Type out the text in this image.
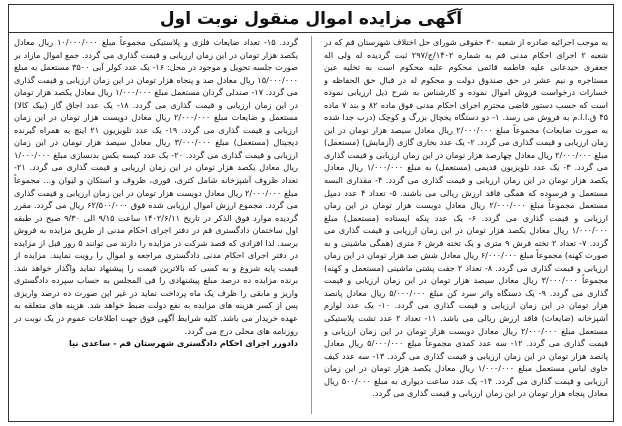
آگهی مزایده اموال منقول نوبت اول
به موجب اجرائیه صادره از شعبه ۳۰ حقوقی شورای حل اختلاف شهرستان قم که در شعبه ۲ اجرای احکام مدنی قم به شماره ۱۴۰۲/ج/۲۹۷ ثبت گردیده له ولی اله جعفری حیدعانی علیه فاطمه قائمی محکوم علیه محکوم است به تخلیه عین مستاجره و نیم عشر در حق صندوق دولت و محکوم له در قبال حق الحفاظه و خسارات درخواست فروش اموال نموده و کارشناس به شرح ذیل ارزیابی نموده است که حسب دستور قاضی محترم اجرای احکام مدنی فوق ماده ۸۲ و بند ۷ ماده ۴۵ ق.ا.ا.م به فروش می رسد. ۱- دو دستگاه یخچال بزرگ و کوچک (درب جدا شده به صورت ضایعات) مجموعاً مبلغ ۲/۰۰۰/۰۰۰ ریال معادل سیصد هزار تومان در این زمان ارزیابی و قیمت گذاری می گردد. ۲- یک عدد بخاری گازی (آزمایش) (مستعمل) مبلغ ۲/۰۰۰/۰۰۰ ریال معادل چهارصد هزار تومان در این زمان ارزیابی و قیمت گذاری می گردد. ۳- یک عدد تلویزیون قدیمی (مستعمل) به مبلغ ۱/۰۰۰/۰۰۰ ریال معادل یکصد هزار تومان در این زمان ارزیابی و قیمت گذاری می گردد. ۴- مقداری البسه مستعمل و فرسوده که همگی فاقد ارزش ریالی می باشند. ۵- تعداد ۴ عدد دمپل مستعمل مجموعاً مبلغ ۲/۰۰۰/۰۰۰ ریال معادل دویست هزار تومان در این زمان ارزیابی و قیمت گذاری می گردد. ۶- یک عدد پنکه ایستاده (مستعمل) مبلغ ۱/۰۰۰/۰۰۰ ریال معادل یکصد هزار تومان در این زمان ارزیابی و قیمت گذاری می گردد. ۷- تعداد ۲ تخته فرش ۹ متری و یک تخته فرش ۶ متری (همگی ماشینی و به صورت کهنه) مجموعاً مبلغ ۶/۰۰۰/۰۰۰ ریال معادل شش صد هزار تومان در این زمان ارزیابی و قیمت گذاری می گردد. ۸- تعداد ۲ جفت پشتی ماشینی (مستعمل و کهنه) مجموعاً ۳/۰۰۰/۰۰۰ ریال معادل سیصد هزار تومان در این زمان ارزیابی و قیمت گذاری می گردد. ۹- یک دستگاه واتر سرد کن مبلغ ۵/۰۰۰/۰۰۰ ریال معادل پانصد هزار تومان در این زمان ارزیابی و قیمت گذاری می گردد. ۱۰- یک عدد لوازم آشپزخانه (ضایعات) فاقد ارزش ریالی می باشد. ۱۱- تعداد ۲ عدد تشت پلاستیکی مستعمل مبلغ ۲/۰۰۰/۰۰۰ ریال معادل دویست هزار تومان در این زمان ارزیابی و قیمت گذاری می گردد. ۱۲- سه عدد کمدی مجموعاً مبلغ ۵/۰۰۰/۰۰۰ ریال معادل پانصد هزار تومان در این زمان ارزیابی و قیمت گذاری می گردد. ۱۳- سه عدد کیف حاوی لباس مستعمل مبلغ ۱/۰۰۰/۰۰۰ ریال معادل یکصد هزار تومان در این زمان ارزیابی و قیمت گذاری می گردد. ۱۴- یک عدد ساعت دیواری به مبلغ ۵۰۰/۰۰۰ ریال معادل پنجاه هزار تومان در این زمان ارزیابی و قیمت گذاری می گردد.
گردد. ۱۵- تعداد ضایعات فلزی و پلاستیکی مجموعاً مبلغ ۱۰/۰۰۰/۰۰۰ ریال معادل یکصد هزار تومان در این زمان ارزیابی و قیمت گذاری می گردد. جمع اموال مازاد بر صورت جلسه تحویل و موجود در محل: ۱۶- یک عدد کولر آبی ۳۵۰۰ مستعمل به مبلغ ۱۵/۰۰۰/۰۰۰ ریال معادل صد و پنجاه هزار تومان در این زمان ارزیابی و قیمت گذاری می گردد. ۱۷- صندلی گردان مستعمل مبلغ ۱/۰۰۰/۰۰۰ ریال معادل یکصد هزار تومان در این زمان ارزیابی و قیمت گذاری می گردد. ۱۸- یک عدد اجاق گاز (بیک کالا) مستعمل و ضایعات مبلغ ۲/۰۰۰/۰۰۰ ریال معادل دویست هزار تومان در این زمان ارزیابی و قیمت گذاری می گردد. ۱۹- یک عدد تلویزیون ۲۱ اینچ به همراه گیرنده دیجیتال (مستعمل) مبلغ ۳/۰۰۰/۰۰۰ ریال معادل سیصد هزار تومان در این زمان ارزیابی و قیمت گذاری می گردد. ۲۰- یک عدد کیسه بکس بدنسازی مبلغ ۱/۰۰۰/۰۰۰ ریال معادل یکصد هزار تومان در این زمان ارزیابی و قیمت گذاری می گردد. ۲۱- تعداد ظروف آشپزخانه شامل کتری، قوری، ظروف و استکان و لیوان و... مجموعاً مبلغ ۲/۰۰۰/۰۰۰ ریال معادل دویست هزار تومان در این زمان ارزیابی و قیمت گذاری می گردد. مجموع ارزش اموال ارزیابی شده فوق ۶۲/۵۰۰/۰۰۰ ریال می گردد. مقرر گردیده موارد فوق الذکر در تاریخ ۱۴۰۲/۶/۱۱ ساعت ۹/۱۵ الی ۹/۳۰ صبح در طبقه اول ساختمان دادگستری قم در دفتر اجرای احکام مدنی از طریق مزایده به فروش برسد. لذا افرادی که قصد شرکت در مزایده را دارند می توانند ۵ روز قبل از مزایده در دفتر اجرای احکام مدنی دادگستری مراجعه و اموال را رویت نمایند. مزایده از قیمت پایه شروع و به کسی که بالاترین قیمت را پیشنهاد نماید واگذار خواهد شد. برنده مزایده ده درصد مبلغ پیشنهادی را فی المجلس به حساب سپرده دادگستری واریز و مابقی را ظرف یک ماه پرداخت نماید در غیر این صورت ده درصد واریزی پس از کسر هزینه های مزایده به نفع دولت ضبط خواهد شد. هزینه های متعلقه به عهده خریدار می باشد. کلیه شرایط آگهی فوق جهت اطلاعات عموم در یک نوبت در روزنامه های محلی درج می گردد.
دادورز اجرای احکام دادگستری شهرستان قم - ساعدی نیا
